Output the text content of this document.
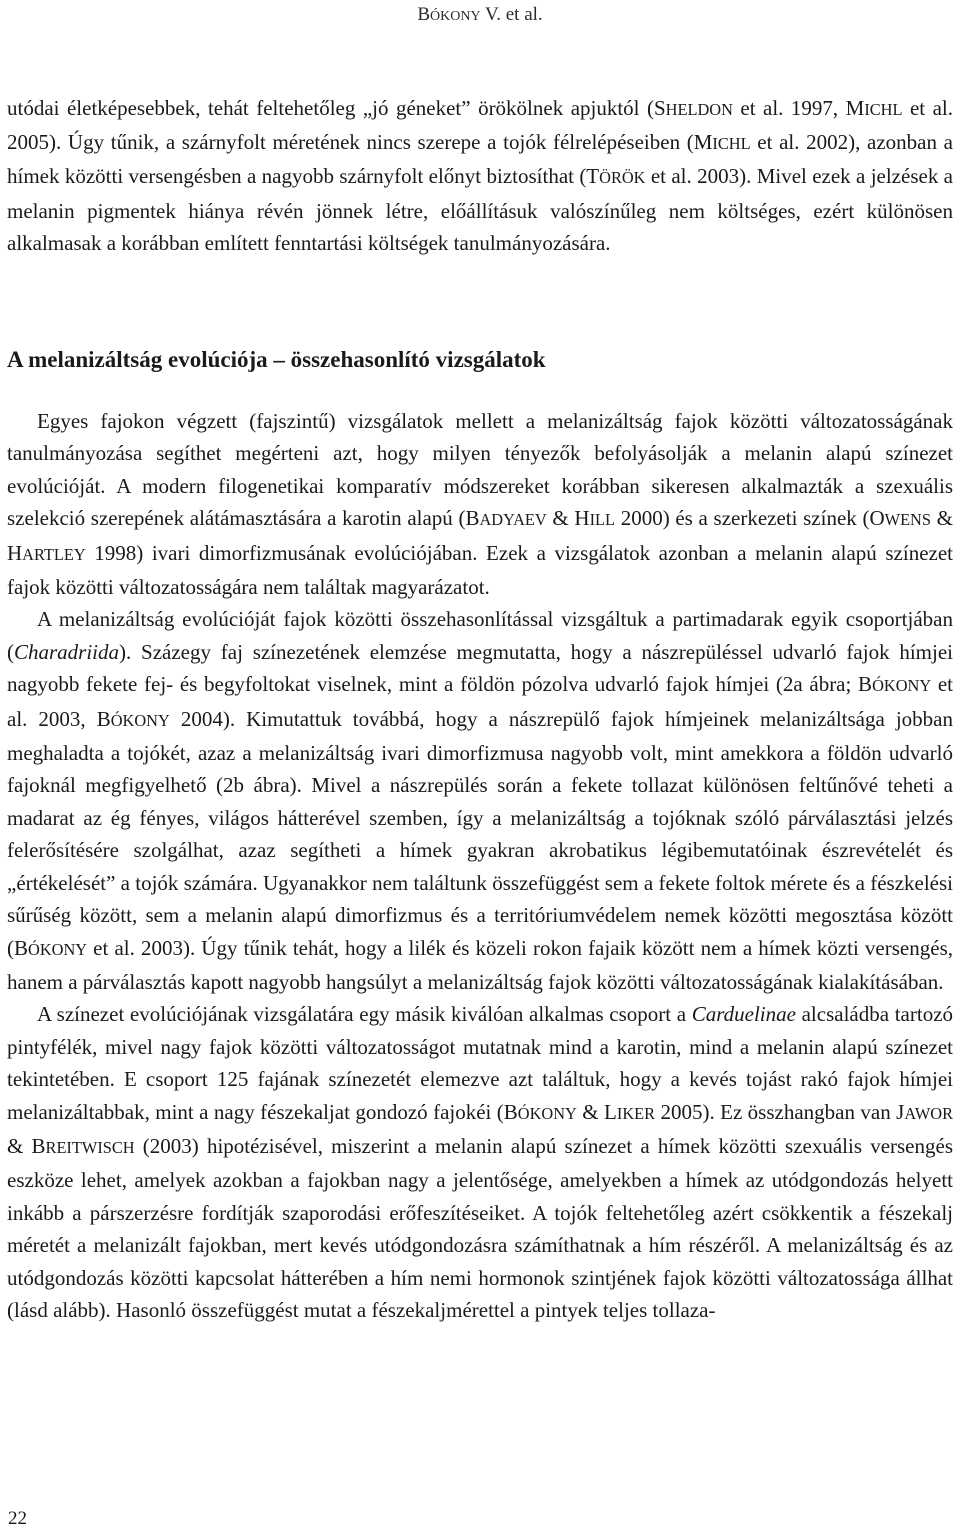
BÓKONY V. et al.

utódai életképesebbek, tehát feltehetőleg „jó géneket” örökölnek apjuktól (SHELDON et al. 1997, MICHL et al. 2005). Úgy tűnik, a szárnyfolt méretének nincs szerepe a tojók félrelépéseiben (MICHL et al. 2002), azonban a hímek közötti versengésben a nagyobb szárnyfolt előnyt biztosíthat (TÖRÖK et al. 2003). Mivel ezek a jelzések a melanin pigmentek hiánya révén jönnek létre, előállításuk valószínűleg nem költséges, ezért különösen alkalmasak a korábban említett fenntartási költségek tanulmányozására.

A melanizáltság evolúciója – összehasonlító vizsgálatok

Egyes fajokon végzett (fajszintű) vizsgálatok mellett a melanizáltság fajok közötti változatosságának tanulmányozása segíthet megérteni azt, hogy milyen tényezők befolyásolják a melanin alapú színezet evolúcióját. A modern filogenetikai komparatív módszereket korábban sikeresen alkalmazták a szexuális szelekció szerepének alátámasztására a karotin alapú (BADYAEV & HILL 2000) és a szerkezeti színek (OWENS & HARTLEY 1998) ivari dimorfizmusának evolúciójában. Ezek a vizsgálatok azonban a melanin alapú színezet fajok közötti változatosságára nem találtak magyarázatot.

A melanizáltság evolúcióját fajok közötti összehasonlítással vizsgáltuk a partimadarak egyik csoportjában (Charadriida). Százegy faj színezetének elemzése megmutatta, hogy a nászrepüléssel udvarló fajok hímjei nagyobb fekete fej- és begyfoltokat viselnek, mint a földön pózolva udvarló fajok hímjei (2a ábra; BÓKONY et al. 2003, BÓKONY 2004). Kimutattuk továbbá, hogy a nászrepülő fajok hímjeinek melanizáltsága jobban meghaladta a tojókét, azaz a melanizáltság ivari dimorfizmusa nagyobb volt, mint amekkora a földön udvarló fajoknál megfigyelhető (2b ábra). Mivel a nászrepülés során a fekete tollazat különösen feltűnővé teheti a madarat az ég fényes, világos hátterével szemben, így a melanizáltság a tojóknak szóló párválasztási jelzés felerősítésére szolgálhat, azaz segítheti a hímek gyakran akrobatikus légibemutatóinak észrevételét és „értékelését” a tojók számára. Ugyanakkor nem találtunk összefüggést sem a fekete foltok mérete és a fészkelési sűrűség között, sem a melanin alapú dimorfizmus és a territóriumvédelem nemek közötti megosztása között (BÓKONY et al. 2003). Úgy tűnik tehát, hogy a lilék és közeli rokon fajaik között nem a hímek közti versengés, hanem a párválasztás kapott nagyobb hangsúlyt a melanizáltság fajok közötti változatosságának kialakításában.

A színezet evolúciójának vizsgálatára egy másik kiválóan alkalmas csoport a Carduelinae alcsaládba tartozó pintyfélék, mivel nagy fajok közötti változatosságot mutatnak mind a karotin, mind a melanin alapú színezet tekintetében. E csoport 125 fajának színezetét elemezve azt találtuk, hogy a kevés tojást rakó fajok hímjei melanizáltabbak, mint a nagy fészekaljat gondozó fajokéi (BÓKONY & LIKER 2005). Ez összhangban van JAWOR & BREITWISCH (2003) hipotézisével, miszerint a melanin alapú színezet a hímek közötti szexuális versengés eszköze lehet, amelyek azokban a fajokban nagy a jelentősége, amelyekben a hímek az utódgondozás helyett inkább a párszerzésre fordítják szaporodási erőfeszítéseiket. A tojók feltehetőleg azért csökkentik a fészekalj méretét a melanizált fajokban, mert kevés utódgondozásra számíthatnak a hím részéről. A melanizáltság és az utódgondozás közötti kapcsolat hátterében a hím nemi hormonok szintjének fajok közötti változatossága állhat (lásd alább). Hasonló összefüggést mutat a fészekaljmérettel a pintyek teljes tollaza-

22
